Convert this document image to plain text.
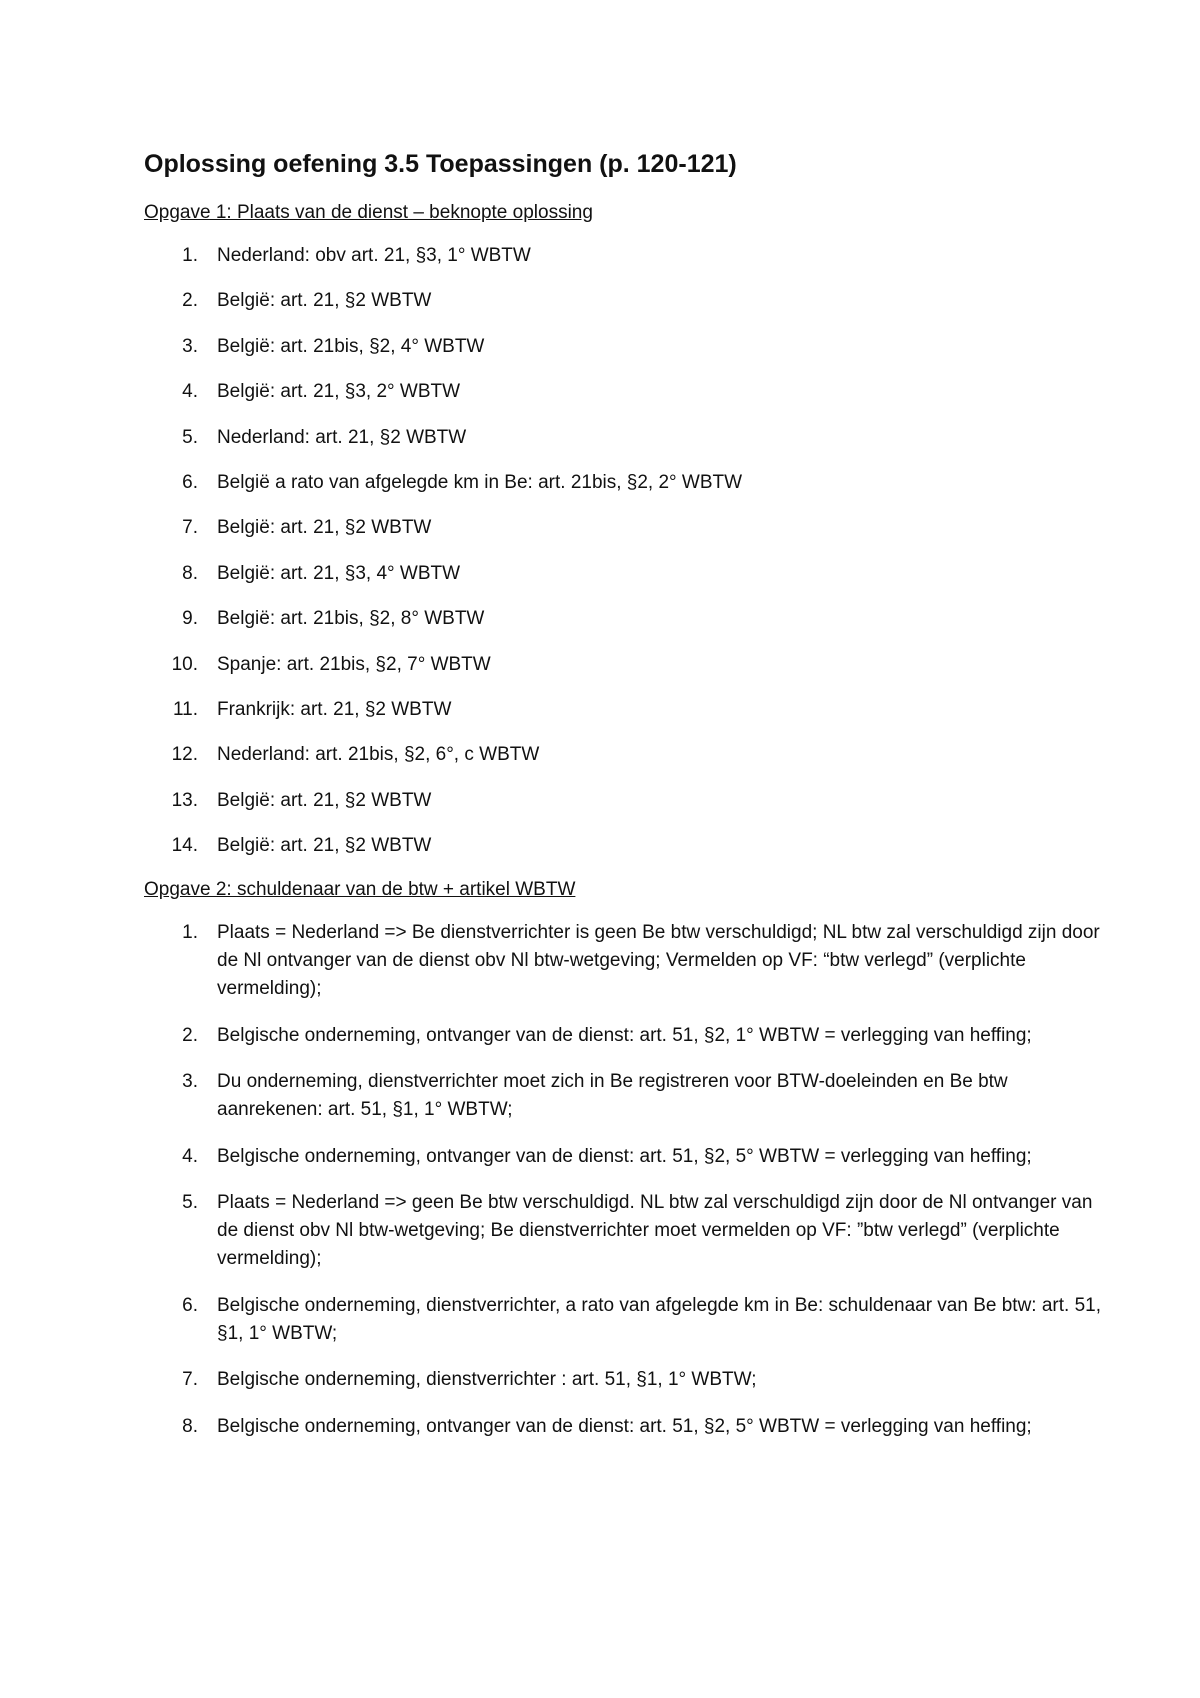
Oplossing oefening 3.5 Toepassingen (p. 120-121)
Opgave 1: Plaats van de dienst – beknopte oplossing
1. Nederland: obv art. 21, §3, 1° WBTW
2. België: art. 21, §2 WBTW
3. België: art. 21bis, §2, 4° WBTW
4. België: art. 21, §3, 2° WBTW
5. Nederland: art. 21, §2 WBTW
6. België a rato van afgelegde km in Be: art. 21bis, §2, 2° WBTW
7. België: art. 21, §2 WBTW
8. België: art. 21, §3, 4° WBTW
9. België: art. 21bis, §2, 8° WBTW
10. Spanje: art. 21bis, §2, 7° WBTW
11. Frankrijk: art. 21, §2 WBTW
12. Nederland: art. 21bis, §2, 6°, c WBTW
13. België: art. 21, §2 WBTW
14. België: art. 21, §2 WBTW
Opgave 2: schuldenaar van de btw + artikel WBTW
1. Plaats = Nederland => Be dienstverrichter is geen Be btw verschuldigd; NL btw zal verschuldigd zijn door de Nl ontvanger van de dienst obv Nl btw-wetgeving; Vermelden op VF: “btw verlegd” (verplichte vermelding);
2. Belgische onderneming, ontvanger van de dienst: art. 51, §2, 1° WBTW = verlegging van heffing;
3. Du onderneming, dienstverrichter moet zich in Be registreren voor BTW-doeleinden en Be btw aanrekenen: art. 51, §1, 1° WBTW;
4. Belgische onderneming, ontvanger van de dienst: art. 51, §2, 5° WBTW = verlegging van heffing;
5. Plaats = Nederland => geen Be btw verschuldigd. NL btw zal verschuldigd zijn door de Nl ontvanger van de dienst obv Nl btw-wetgeving; Be dienstverrichter moet vermelden op VF: ”btw verlegd” (verplichte vermelding);
6. Belgische onderneming, dienstverrichter, a rato van afgelegde km in Be: schuldenaar van Be btw: art. 51, §1, 1° WBTW;
7. Belgische onderneming, dienstverrichter : art. 51, §1, 1° WBTW;
8. Belgische onderneming, ontvanger van de dienst: art. 51, §2, 5° WBTW = verlegging van heffing;
